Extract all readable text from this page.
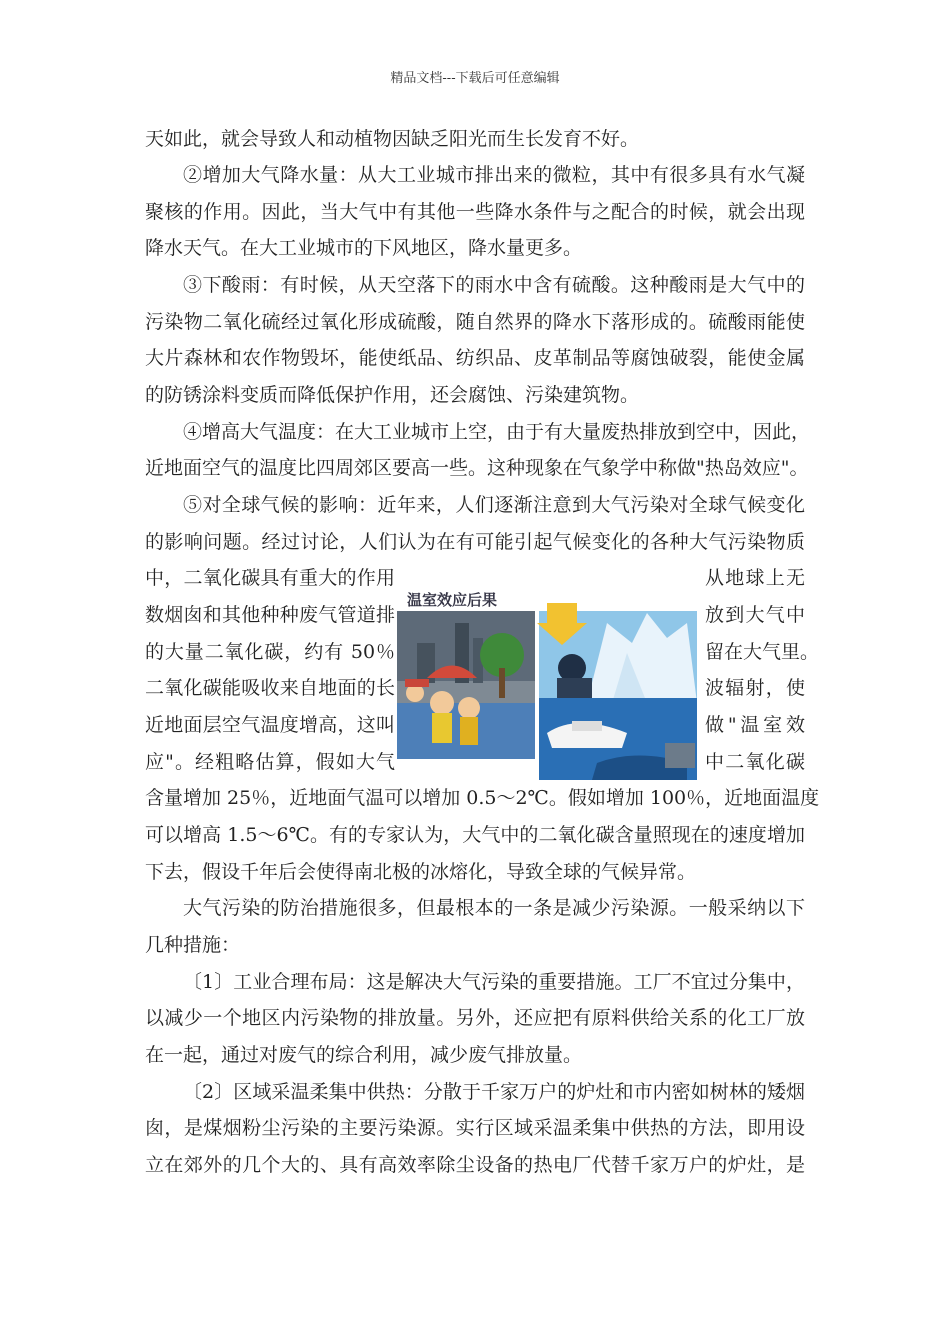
精品文档---下载后可任意编辑
天如此，就会导致人和动植物因缺乏阳光而生长发育不好。
②增加大气降水量：从大工业城市排出来的微粒，其中有很多具有水气凝
聚核的作用。因此，当大气中有其他一些降水条件与之配合的时候，就会出现
降水天气。在大工业城市的下风地区，降水量更多。
③下酸雨：有时候，从天空落下的雨水中含有硫酸。这种酸雨是大气中的
污染物二氧化硫经过氧化形成硫酸，随自然界的降水下落形成的。硫酸雨能使
大片森林和农作物毁坏，能使纸品、纺织品、皮革制品等腐蚀破裂，能使金属
的防锈涂料变质而降低保护作用，还会腐蚀、污染建筑物。
④增高大气温度：在大工业城市上空，由于有大量废热排放到空中，因此，
近地面空气的温度比四周郊区要高一些。这种现象在气象学中称做"热岛效应"。
⑤对全球气候的影响：近年来，人们逐渐注意到大气污染对全球气候变化
的影响问题。经过讨论，人们认为在有可能引起气候变化的各种大气污染物质
中，二氧化碳具有重大的作用	从地球上无
数烟囱和其他种种废气管道排	放到大气中
的大量二氧化碳，约有 50％	留在大气里。
二氧化碳能吸收来自地面的长	波辐射，使
近地面层空气温度增高，这叫	做"温室效
应"。经粗略估算，假如大气	中二氧化碳
含量增加 25％，近地面气温可以增加 0.5～2℃。假如增加 100％，近地面温度
可以增高 1.5～6℃。有的专家认为，大气中的二氧化碳含量照现在的速度增加
下去，假设千年后会使得南北极的冰熔化，导致全球的气候异常。
大气污染的防治措施很多，但最根本的一条是减少污染源。一般采纳以下
几种措施：
〔1〕工业合理布局：这是解决大气污染的重要措施。工厂不宜过分集中，
以减少一个地区内污染物的排放量。另外，还应把有原料供给关系的化工厂放
在一起，通过对废气的综合利用，减少废气排放量。
〔2〕区域采温柔集中供热：分散于千家万户的炉灶和市内密如树林的矮烟
囱，是煤烟粉尘污染的主要污染源。实行区域采温柔集中供热的方法，即用设
立在郊外的几个大的、具有高效率除尘设备的热电厂代替千家万户的炉灶，是
温室效应后果
